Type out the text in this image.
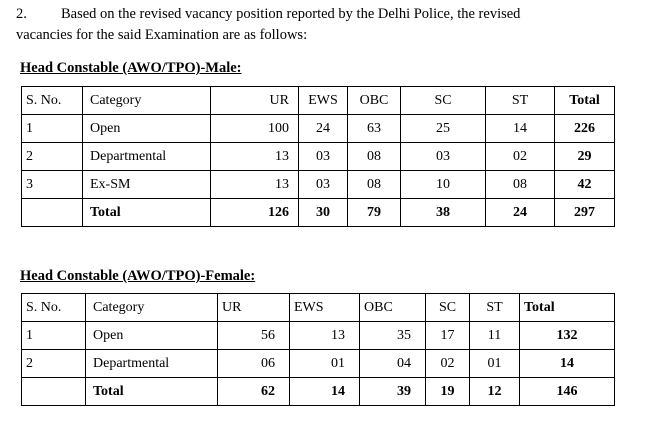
2. Based on the revised vacancy position reported by the Delhi Police, the revised
vacancies for the said Examination are as follows:
Head Constable (AWO/TPO)-Male:
S. No.	Category	UR	EWS	OBC	SC	ST	Total
1	Open	100	24	63	25	14	226
2	Departmental	13	03	08	03	02	29
3	Ex-SM	13	03	08	10	08	42
	Total	126	30	79	38	24	297
Head Constable (AWO/TPO)-Female:
S. No.	Category	UR	EWS	OBC	SC	ST	Total
1	Open	56	13	35	17	11	132
2	Departmental	06	01	04	02	01	14
	Total	62	14	39	19	12	146
